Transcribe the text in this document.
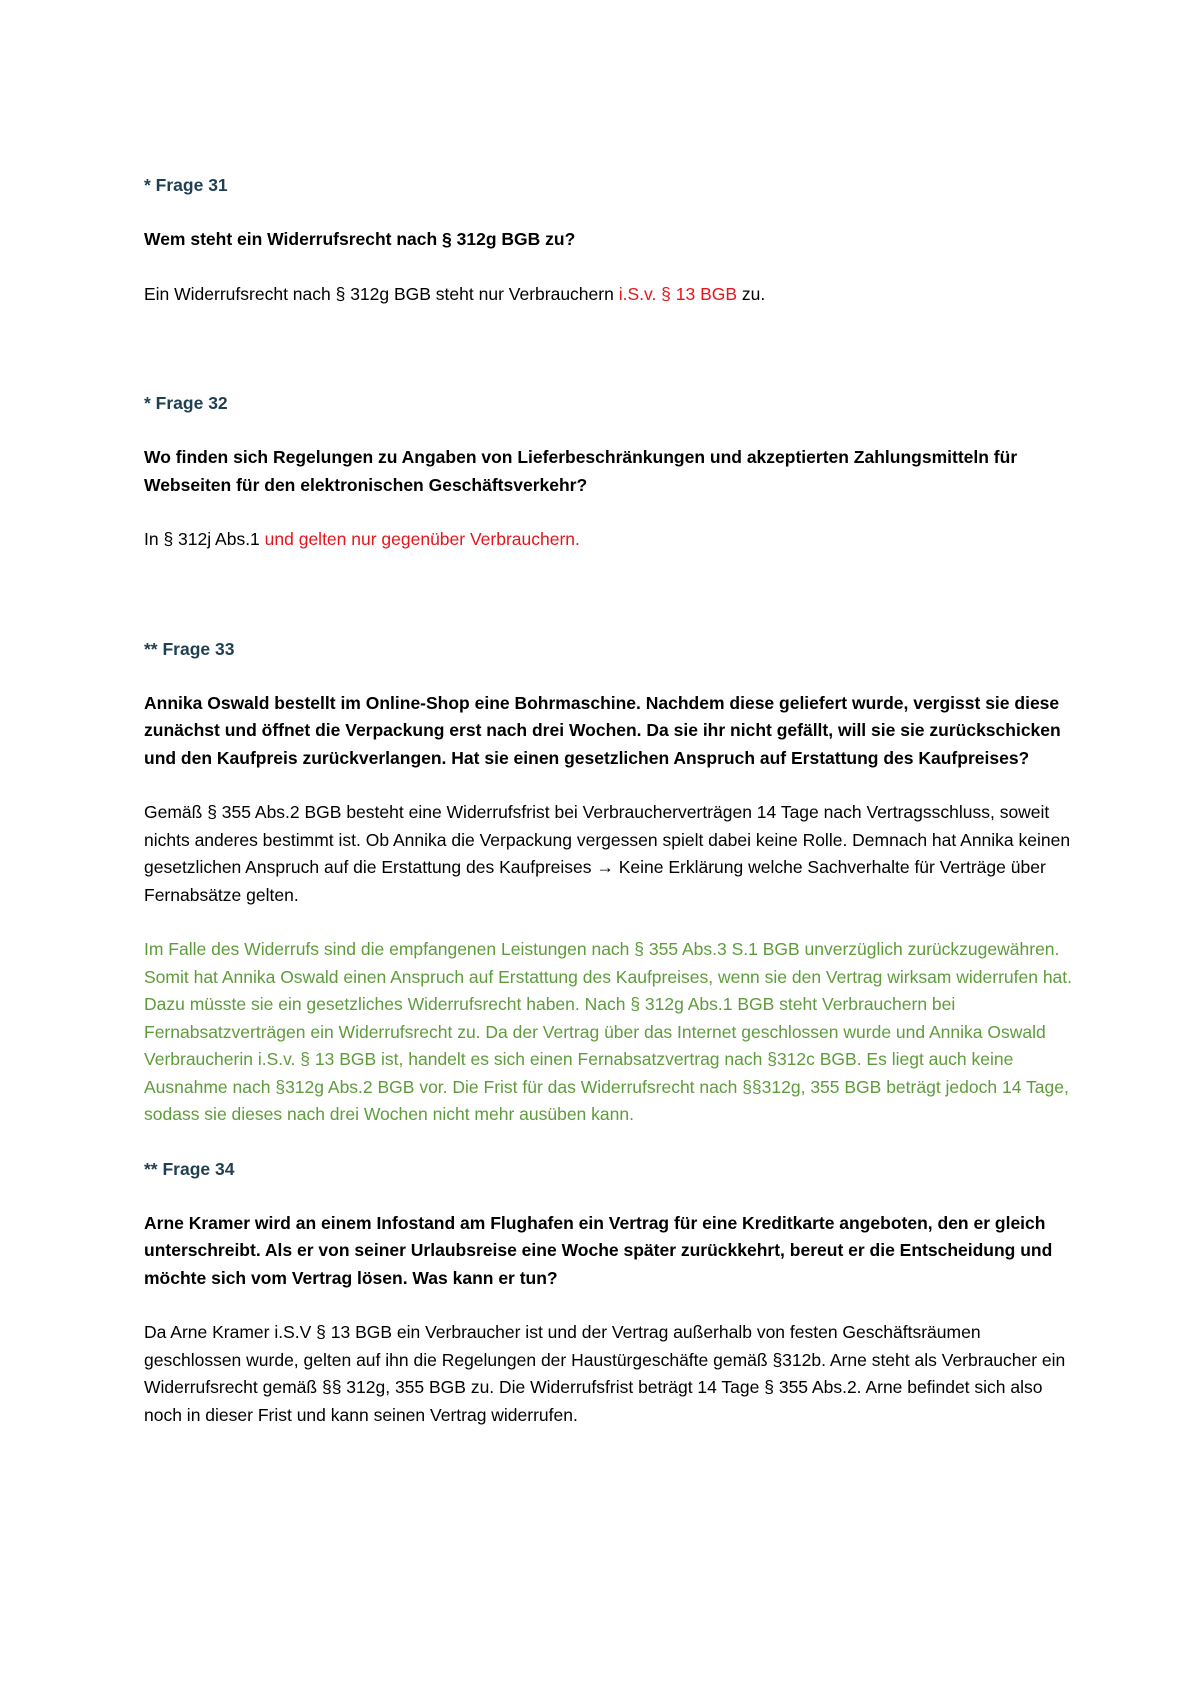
* Frage 31

Wem steht ein Widerrufsrecht nach § 312g BGB zu?

Ein Widerrufsrecht nach § 312g BGB steht nur Verbrauchern i.S.v. § 13 BGB zu.

* Frage 32

Wo finden sich Regelungen zu Angaben von Lieferbeschränkungen und akzeptierten Zahlungsmitteln für Webseiten für den elektronischen Geschäftsverkehr?

In § 312j Abs.1 und gelten nur gegenüber Verbrauchern.

** Frage 33

Annika Oswald bestellt im Online-Shop eine Bohrmaschine. Nachdem diese geliefert wurde, vergisst sie diese zunächst und öffnet die Verpackung erst nach drei Wochen. Da sie ihr nicht gefällt, will sie sie zurückschicken und den Kaufpreis zurückverlangen. Hat sie einen gesetzlichen Anspruch auf Erstattung des Kaufpreises?

Gemäß § 355 Abs.2 BGB besteht eine Widerrufsfrist bei Verbraucherverträgen 14 Tage nach Vertragsschluss, soweit nichts anderes bestimmt ist. Ob Annika die Verpackung vergessen spielt dabei keine Rolle. Demnach hat Annika keinen gesetzlichen Anspruch auf die Erstattung des Kaufpreises → Keine Erklärung welche Sachverhalte für Verträge über Fernabsätze gelten.

Im Falle des Widerrufs sind die empfangenen Leistungen nach § 355 Abs.3 S.1 BGB unverzüglich zurückzugewähren. Somit hat Annika Oswald einen Anspruch auf Erstattung des Kaufpreises, wenn sie den Vertrag wirksam widerrufen hat. Dazu müsste sie ein gesetzliches Widerrufsrecht haben. Nach § 312g Abs.1 BGB steht Verbrauchern bei Fernabsatzverträgen ein Widerrufsrecht zu. Da der Vertrag über das Internet geschlossen wurde und Annika Oswald Verbraucherin i.S.v. § 13 BGB ist, handelt es sich einen Fernabsatzvertrag nach §312c BGB. Es liegt auch keine Ausnahme nach §312g Abs.2 BGB vor. Die Frist für das Widerrufsrecht nach §§312g, 355 BGB beträgt jedoch 14 Tage, sodass sie dieses nach drei Wochen nicht mehr ausüben kann.

** Frage 34

Arne Kramer wird an einem Infostand am Flughafen ein Vertrag für eine Kreditkarte angeboten, den er gleich unterschreibt. Als er von seiner Urlaubsreise eine Woche später zurückkehrt, bereut er die Entscheidung und möchte sich vom Vertrag lösen. Was kann er tun?

Da Arne Kramer i.S.V § 13 BGB ein Verbraucher ist und der Vertrag außerhalb von festen Geschäftsräumen geschlossen wurde, gelten auf ihn die Regelungen der Haustürgeschäfte gemäß §312b. Arne steht als Verbraucher ein Widerrufsrecht gemäß §§ 312g, 355 BGB zu. Die Widerrufsfrist beträgt 14 Tage § 355 Abs.2. Arne befindet sich also noch in dieser Frist und kann seinen Vertrag widerrufen.
